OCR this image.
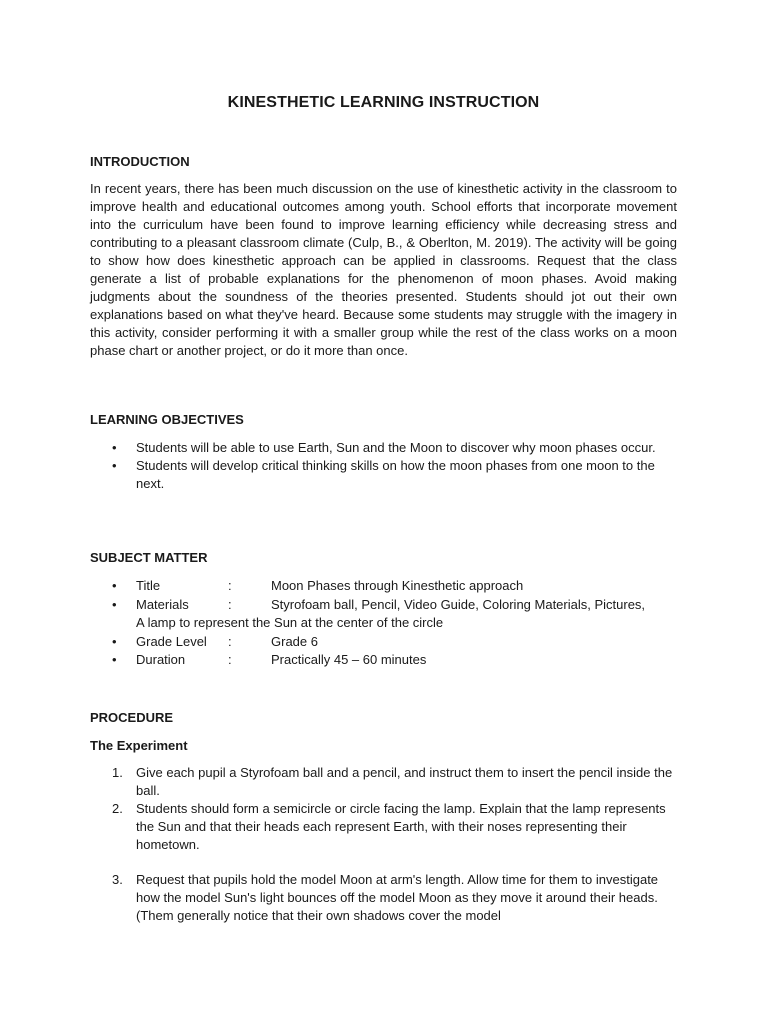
KINESTHETIC LEARNING INSTRUCTION
INTRODUCTION
In recent years, there has been much discussion on the use of kinesthetic activity in the classroom to improve health and educational outcomes among youth. School efforts that incorporate movement into the curriculum have been found to improve learning efficiency while decreasing stress and contributing to a pleasant classroom climate (Culp, B., & Oberlton, M. 2019). The activity will be going to show how does kinesthetic approach can be applied in classrooms. Request that the class generate a list of probable explanations for the phenomenon of moon phases. Avoid making judgments about the soundness of the theories presented. Students should jot out their own explanations based on what they've heard. Because some students may struggle with the imagery in this activity, consider performing it with a smaller group while the rest of the class works on a moon phase chart or another project, or do it more than once.
LEARNING OBJECTIVES
• Students will be able to use Earth, Sun and the Moon to discover why moon phases occur.
• Students will develop critical thinking skills on how the moon phases from one moon to the next.
SUBJECT MATTER
• Title	:	Moon Phases through Kinesthetic approach
• Materials	:	Styrofoam ball, Pencil, Video Guide, Coloring Materials, Pictures,
A lamp to represent the Sun at the center of the circle
• Grade Level :	Grade 6
• Duration	:	Practically 45 – 60 minutes
PROCEDURE
The Experiment
1. Give each pupil a Styrofoam ball and a pencil, and instruct them to insert the pencil inside the ball.
2. Students should form a semicircle or circle facing the lamp. Explain that the lamp represents the Sun and that their heads each represent Earth, with their noses representing their hometown.
3. Request that pupils hold the model Moon at arm's length. Allow time for them to investigate how the model Sun's light bounces off the model Moon as they move it around their heads. (Them generally notice that their own shadows cover the model
